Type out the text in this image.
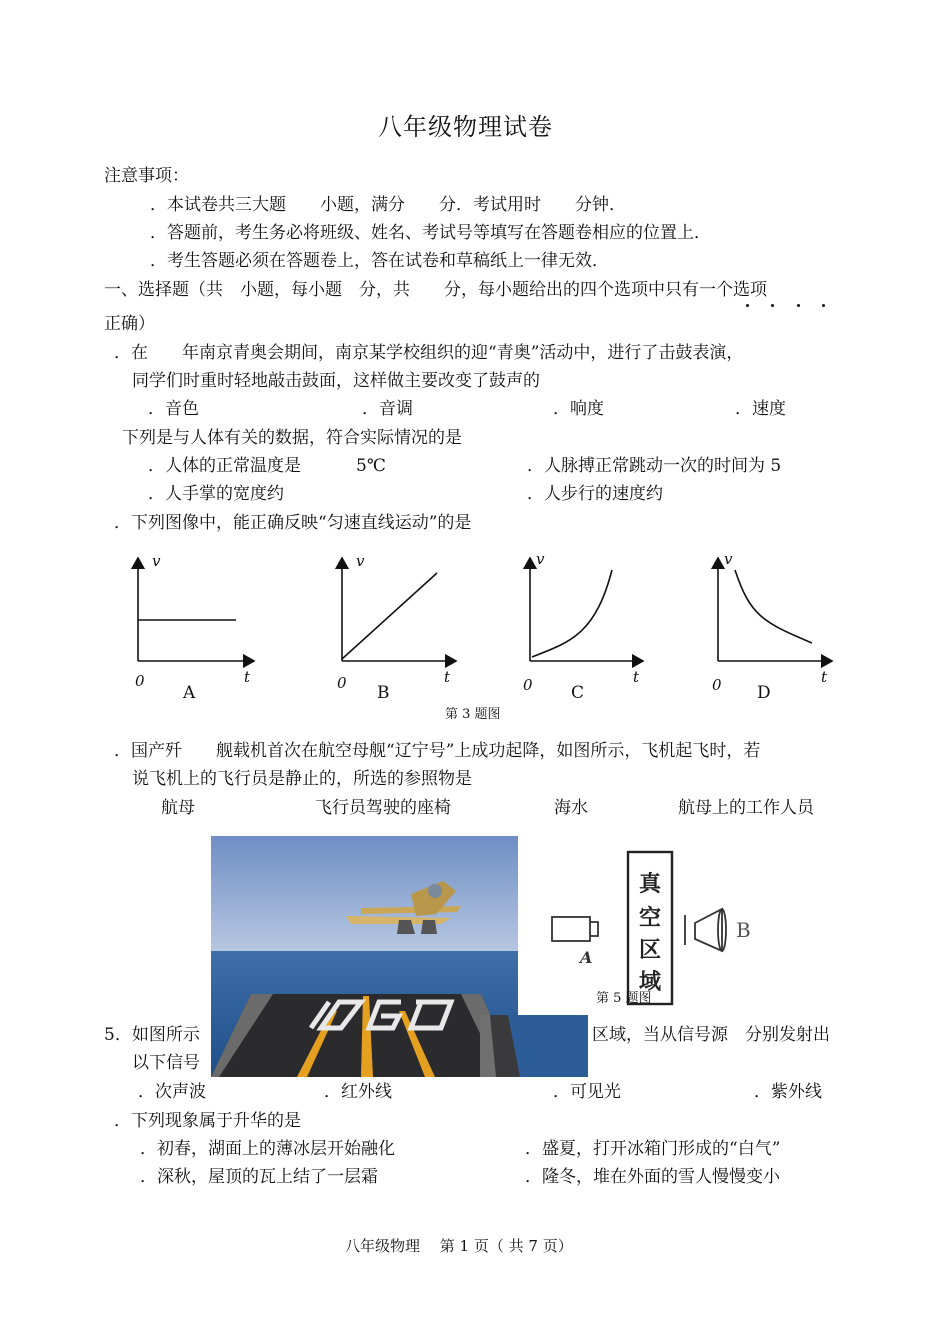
八年级物理试卷
注意事项：
．本试卷共三大题　　小题，满分　　分．考试用时　　分钟．
．答题前，考生务必将班级、姓名、考试号等填写在答题卷相应的位置上．
．考生答题必须在答题卷上，答在试卷和草稿纸上一律无效．
一、选择题（共　小题，每小题　分，共　　分，每小题给出的四个选项中只有一个选项
正确）
．在　　年南京青奥会期间，南京某学校组织的迎“青奥”活动中，进行了击鼓表演，
同学们时重时轻地敲击鼓面，这样做主要改变了鼓声的
．音色	．音调	．响度	．速度
下列是与人体有关的数据，符合实际情况的是
．人体的正常温度是	5℃	．人脉搏正常跳动一次的时间为 5
．人手掌的宽度约	．人步行的速度约
．下列图像中，能正确反映“匀速直线运动”的是
v	v	v	v
t	t	t	t
0	0	0	0
A	B	C	D
第 3 题图
．国产歼　　舰载机首次在航空母舰“辽宁号”上成功起降，如图所示，飞机起飞时，若
说飞机上的飞行员是静止的，所选的参照物是
航母	飞行员驾驶的座椅	海水	航母上的工作人员
A
真
空
区
域
B
第 5 题图
5．如图所示	区域，当从信号源　分别发射出
以下信号
．次声波	．红外线	．可见光	．紫外线
．下列现象属于升华的是
．初春，湖面上的薄冰层开始融化	．盛夏，打开冰箱门形成的“白气”
．深秋，屋顶的瓦上结了一层霜	．隆冬，堆在外面的雪人慢慢变小
八年级物理　 第 1 页（ 共 7 页）
